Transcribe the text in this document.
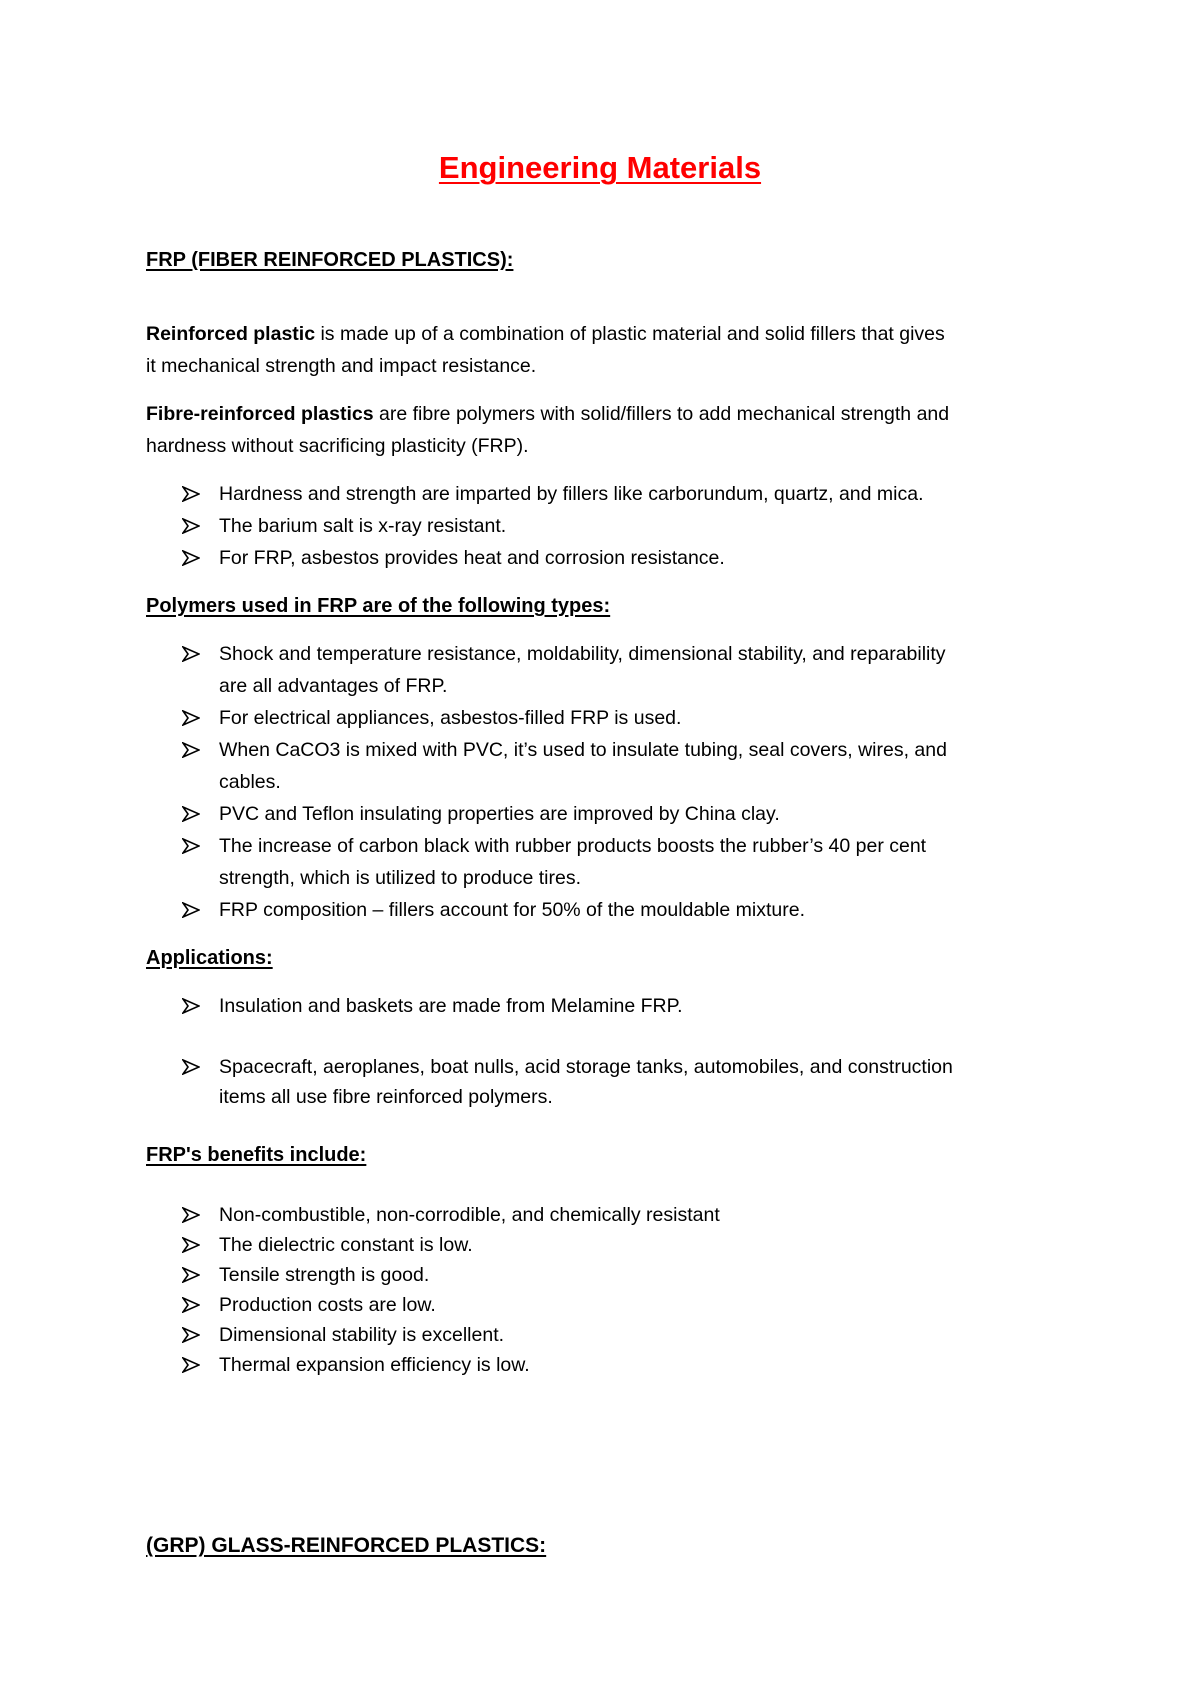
Engineering Materials
FRP (FIBER REINFORCED PLASTICS):
Reinforced plastic is made up of a combination of plastic material and solid fillers that gives
it mechanical strength and impact resistance.
Fibre-reinforced plastics are fibre polymers with solid/fillers to add mechanical strength and
hardness without sacrificing plasticity (FRP).
Hardness and strength are imparted by fillers like carborundum, quartz, and mica.
The barium salt is x-ray resistant.
For FRP, asbestos provides heat and corrosion resistance.
Polymers used in FRP are of the following types:
Shock and temperature resistance, moldability, dimensional stability, and reparability
are all advantages of FRP.
For electrical appliances, asbestos-filled FRP is used.
When CaCO3 is mixed with PVC, it’s used to insulate tubing, seal covers, wires, and
cables.
PVC and Teflon insulating properties are improved by China clay.
The increase of carbon black with rubber products boosts the rubber’s 40 per cent
strength, which is utilized to produce tires.
FRP composition – fillers account for 50% of the mouldable mixture.
Applications:
Insulation and baskets are made from Melamine FRP.
Spacecraft, aeroplanes, boat nulls, acid storage tanks, automobiles, and construction
items all use fibre reinforced polymers.
FRP's benefits include:
Non-combustible, non-corrodible, and chemically resistant
The dielectric constant is low.
Tensile strength is good.
Production costs are low.
Dimensional stability is excellent.
Thermal expansion efficiency is low.
(GRP) GLASS-REINFORCED PLASTICS:
